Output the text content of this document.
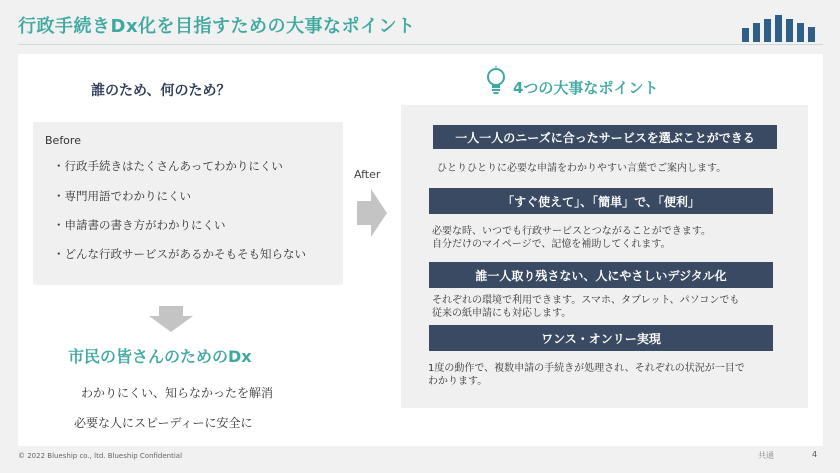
行政手続きDx化を目指すための大事なポイント
誰のため、何のため？
Before
・行政手続きはたくさんあってわかりにくい
・専門用語でわかりにくい
・申請書の書き方がわかりにくい
・どんな行政サービスがあるかそもそも知らない
After
市民の皆さんのためのDx
わかりにくい、知らなかったを解消
必要な人にスピーディーに安全に
4つの大事なポイント
一人一人のニーズに合ったサービスを選ぶことができる
ひとりひとりに必要な申請をわかりやすい言葉でご案内します。
「すぐ使えて」、「簡単」で、「便利」
必要な時、いつでも行政サービスとつながることができます。
自分だけのマイページで、記憶を補助してくれます。
誰一人取り残さない、人にやさしいデジタル化
それぞれの環境で利用できます。スマホ、タブレット、パソコンでも
従来の紙申請にも対応します。
ワンス・オンリー実現
1度の動作で、複数申請の手続きが処理され、それぞれの状況が一目で
わかります。
© 2022 Blueship co., ltd. Blueship Confidential	共通	4
